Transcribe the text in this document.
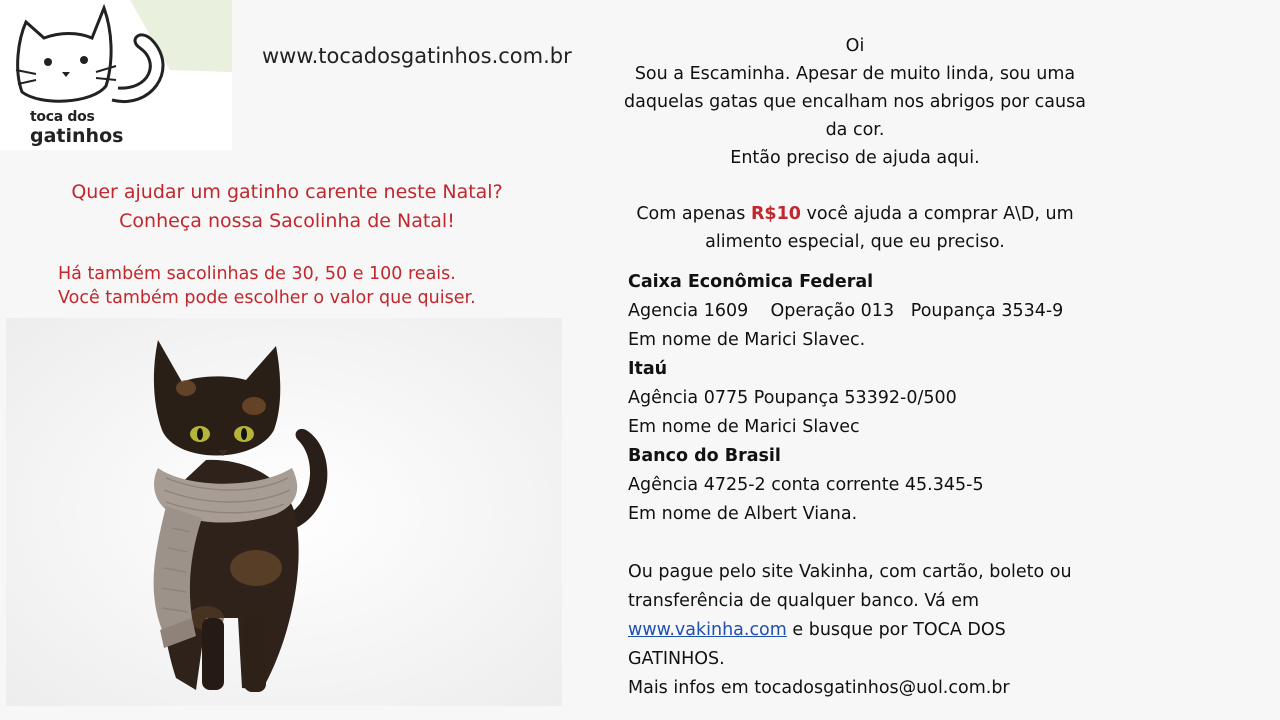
toca dos
gatinhos
www.tocadosgatinhos.com.br
Quer ajudar um gatinho carente neste Natal?
Conheça nossa Sacolinha de Natal!
Há também sacolinhas de 30, 50 e 100 reais.
Você também pode escolher o valor que quiser.
Oi
Sou a Escaminha. Apesar de muito linda, sou uma
daquelas gatas que encalham nos abrigos por causa
da cor.
Então preciso de ajuda aqui.
Com apenas R$10 você ajuda a comprar A\D, um
alimento especial, que eu preciso.
Caixa Econômica Federal
Agencia 1609    Operação 013   Poupança 3534-9
Em nome de Marici Slavec.
Itaú
Agência 0775 Poupança 53392-0/500
Em nome de Marici Slavec
Banco do Brasil
Agência 4725-2 conta corrente 45.345-5
Em nome de Albert Viana.
Ou pague pelo site Vakinha, com cartão, boleto ou
transferência de qualquer banco. Vá em
www.vakinha.com e busque por TOCA DOS
GATINHOS.
Mais infos em tocadosgatinhos@uol.com.br
